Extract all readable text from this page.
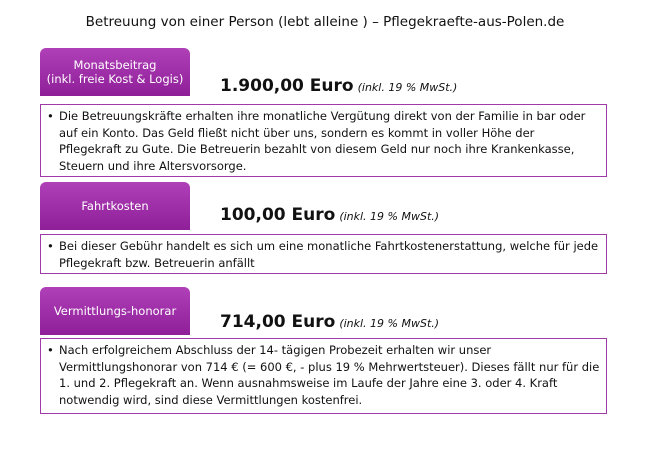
Betreuung von einer Person (lebt alleine ) – Pflegekraefte-aus-Polen.de
Monatsbeitrag
(inkl. freie Kost & Logis)	1.900,00 Euro (inkl. 19 % MwSt.)
• Die Betreuungskräfte erhalten ihre monatliche Vergütung direkt von der Familie in bar oder auf ein Konto. Das Geld fließt nicht über uns, sondern es kommt in voller Höhe der Pflegekraft zu Gute. Die Betreuerin bezahlt von diesem Geld nur noch ihre Krankenkasse, Steuern und ihre Altersvorsorge.
Fahrtkosten	100,00 Euro (inkl. 19 % MwSt.)
• Bei dieser Gebühr handelt es sich um eine monatliche Fahrtkostenerstattung, welche für jede Pflegekraft bzw. Betreuerin anfällt
Vermittlungs-honorar
714,00 Euro (inkl. 19 % MwSt.)
• Nach erfolgreichem Abschluss der 14- tägigen Probezeit erhalten wir unser Vermittlungshonorar von 714 € (= 600 €, - plus 19 % Mehrwertsteuer). Dieses fällt nur für die 1. und 2. Pflegekraft an. Wenn ausnahmsweise im Laufe der Jahre eine 3. oder 4. Kraft notwendig wird, sind diese Vermittlungen kostenfrei.
